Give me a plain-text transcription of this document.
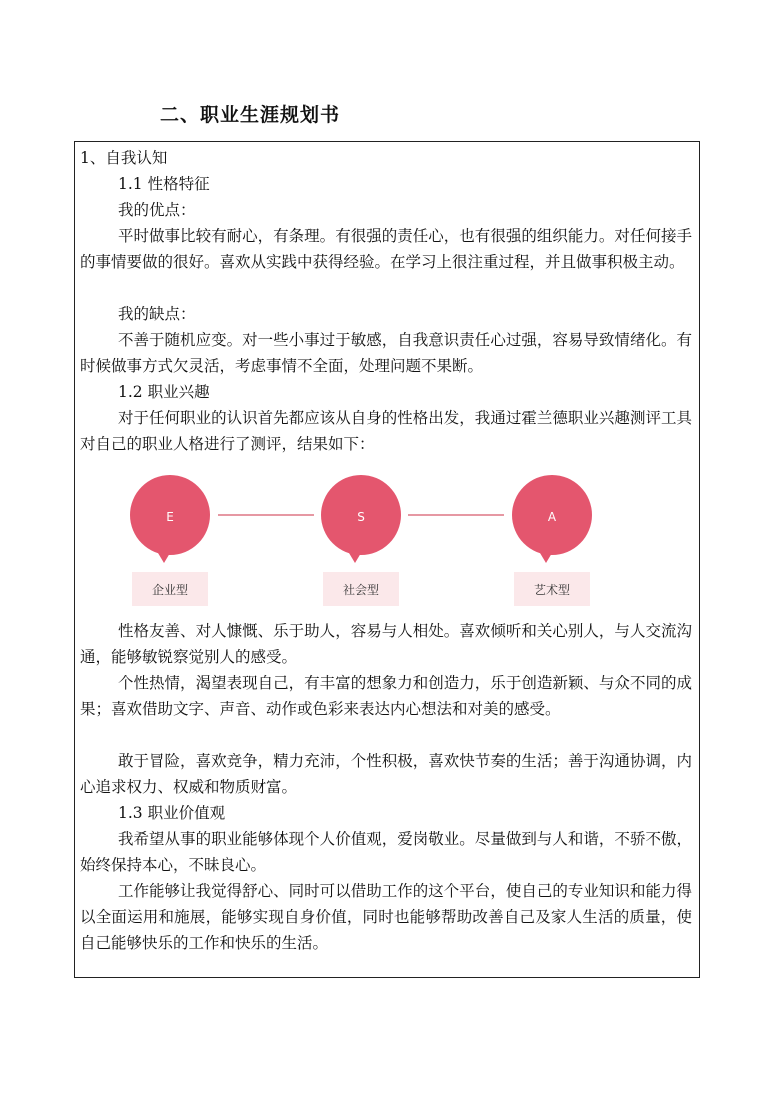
二、职业生涯规划书
1、自我认知
1.1 性格特征
我的优点：
平时做事比较有耐心，有条理。有很强的责任心，也有很强的组织能力。对任何接手的事情要做的很好。喜欢从实践中获得经验。在学习上很注重过程，并且做事积极主动。
我的缺点：
不善于随机应变。对一些小事过于敏感，自我意识责任心过强，容易导致情绪化。有时候做事方式欠灵活，考虑事情不全面，处理问题不果断。
1.2 职业兴趣
对于任何职业的认识首先都应该从自身的性格出发，我通过霍兰德职业兴趣测评工具对自己的职业人格进行了测评，结果如下：
E
企业型
S
社会型
A
艺术型
性格友善、对人慷慨、乐于助人，容易与人相处。喜欢倾听和关心别人，与人交流沟通，能够敏锐察觉别人的感受。
个性热情，渴望表现自己，有丰富的想象力和创造力，乐于创造新颖、与众不同的成果；喜欢借助文字、声音、动作或色彩来表达内心想法和对美的感受。
敢于冒险，喜欢竞争，精力充沛，个性积极，喜欢快节奏的生活；善于沟通协调，内心追求权力、权威和物质财富。
1.3 职业价值观
我希望从事的职业能够体现个人价值观，爱岗敬业。尽量做到与人和谐，不骄不傲，始终保持本心，不昧良心。
工作能够让我觉得舒心、同时可以借助工作的这个平台，使自己的专业知识和能力得以全面运用和施展，能够实现自身价值，同时也能够帮助改善自己及家人生活的质量，使自己能够快乐的工作和快乐的生活。
